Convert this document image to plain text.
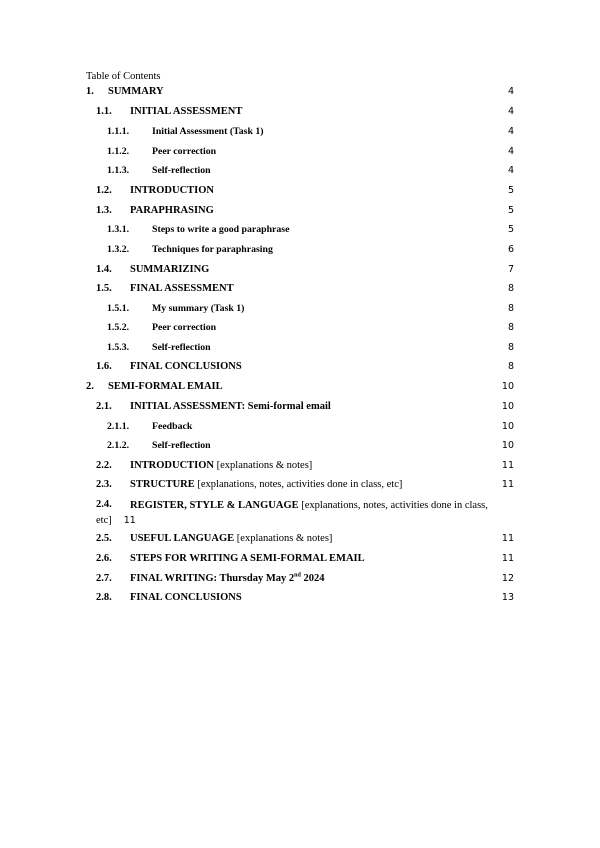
Table of Contents
1. SUMMARY	4
1.1. INITIAL ASSESSMENT	4
1.1.1. Initial Assessment (Task 1)	4
1.1.2. Peer correction	4
1.1.3. Self-reflection	4
1.2. INTRODUCTION	5
1.3. PARAPHRASING	5
1.3.1. Steps to write a good paraphrase	5
1.3.2. Techniques for paraphrasing	6
1.4. SUMMARIZING	7
1.5. FINAL ASSESSMENT	8
1.5.1. My summary (Task 1)	8
1.5.2. Peer correction	8
1.5.3. Self-reflection	8
1.6. FINAL CONCLUSIONS	8
2. SEMI-FORMAL EMAIL	10
2.1. INITIAL ASSESSMENT: Semi-formal email	10
2.1.1. Feedback	10
2.1.2. Self-reflection	10
2.2. INTRODUCTION [explanations & notes]	11
2.3. STRUCTURE [explanations, notes, activities done in class, etc]	11
2.4. REGISTER, STYLE & LANGUAGE [explanations, notes, activities done in class,
etc] 11
2.5. USEFUL LANGUAGE [explanations & notes]	11
2.6. STEPS FOR WRITING A SEMI-FORMAL EMAIL	11
2.7. FINAL WRITING: Thursday May 2nd 2024	12
2.8. FINAL CONCLUSIONS	13
